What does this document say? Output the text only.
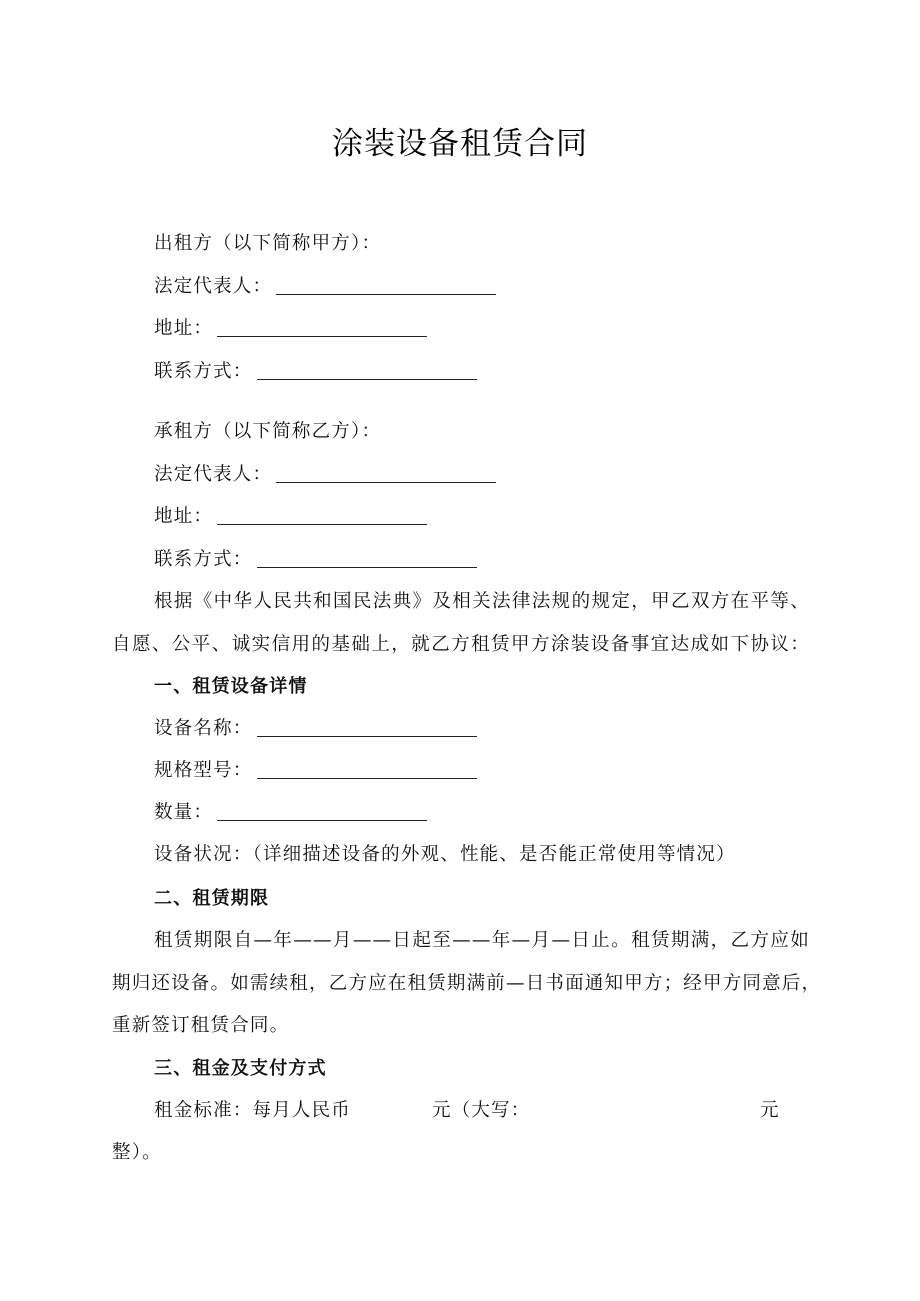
涂装设备租赁合同
出租方（以下简称甲方）：
法定代表人：
地址：
联系方式：
承租方（以下简称乙方）：
法定代表人：
地址：
联系方式：
根据《中华人民共和国民法典》及相关法律法规的规定，甲乙双方在平等、
自愿、公平、诚实信用的基础上，就乙方租赁甲方涂装设备事宜达成如下协议：
一、租赁设备详情
设备名称：
规格型号：
数量：
设备状况：（详细描述设备的外观、性能、是否能正常使用等情况）
二、租赁期限
租赁期限自—年——月——日起至——年—月—日止。租赁期满，乙方应如
期归还设备。如需续租，乙方应在租赁期满前—日书面通知甲方；经甲方同意后，
重新签订租赁合同。
三、租金及支付方式
租金标准：每月人民币	元（大写：	元
整）。
